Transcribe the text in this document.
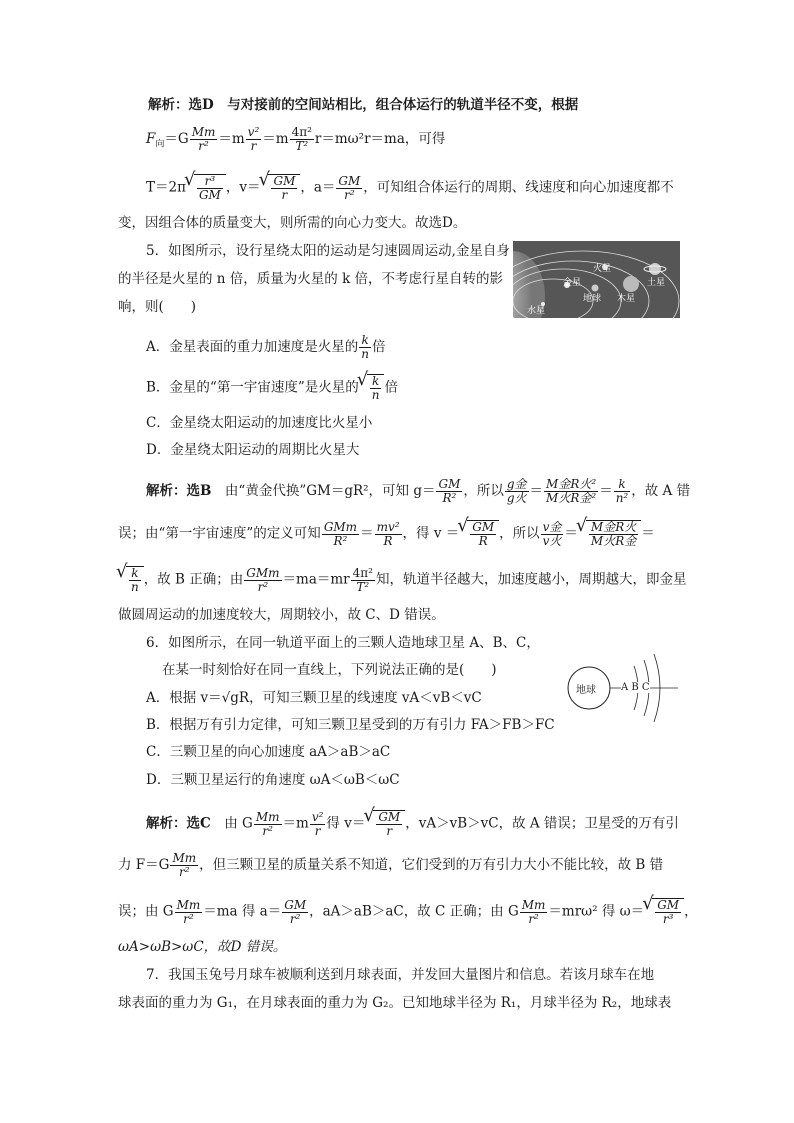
解析：选D　与对接前的空间站相比，组合体运行的轨道半径不变，根据
$F_向=G \frac{Mm}{\text{r²}} =m \frac{\text{v²}}{r} =m \frac{\text{4π²}}{\text{T²}} r=m\omega^2r=ma$，可得
T＝2π √ $\frac{\text{r³}}{GM}$ ，v＝ √ $\frac{GM}{r}$ ，$a= \frac{GM}{\text{r²}}$ ，可知组合体运行的周期、线速度和向心加速度都不
变，因组合体的质量变大，则所需的向心力变大。故选D。
5．如图所示，设行星绕太阳的运动是匀速圆周运动,金星自身
的半径是火星的 n 倍，质量为火星的 k 倍，不考虑行星自转的影
响，则(　　)
A．金星表面的重力加速度是火星的 $\frac{k}{n}$ 倍
B．金星的“第一宇宙速度”是火星的 √ $\frac{k}{n}$ 倍
C．金星绕太阳运动的加速度比火星小
D．金星绕太阳运动的周期比火星大
火星
土星
金星
地球 木星
水星
解析：选B　由“黄金代换”GM＝gR²，可知 $g= \frac{GM}{\text{R²}}$ ，所以 $\frac{\text{g金}}{\text{g火}} = \frac{\text{M金R火²}}{\text{M火R金²}} = \frac{k}{\text{n²}}$ ，故 A 错
误；由“第一宇宙速度”的定义可知 $\frac{\text{GMm}}{\text{R²}} = \frac{\text{mv²}}{R}$ ，得 v ＝ √ $\frac{GM}{R}$ ，所以 $\frac{\text{v金}}{\text{v火}}$ ＝ √ $\frac{\text{M金R火}}{\text{M火R金}}$ ＝
√ $\frac{k}{n}$ ，故 B 正确；由 $\frac{\text{GMm}}{\text{r²}} =ma=mr \frac{\text{4π²}}{\text{T²}}$ 知，轨道半径越大，加速度越小，周期越大，即金星
做圆周运动的加速度较大，周期较小，故 C、D 错误。
6．如图所示，在同一轨道平面上的三颗人造地球卫星 A、B、C，
在某一时刻恰好在同一直线上，下列说法正确的是(　　)
A．根据 v＝√gR，可知三颗卫星的线速度 vA＜vB＜vC
B．根据万有引力定律，可知三颗卫星受到的万有引力 FA＞FB＞FC
C．三颗卫星的向心加速度 aA＞aB＞aC
D．三颗卫星运行的角速度 ωA＜ωB＜ωC
地球	A B C
解析：选C　由 G $\frac{Mm}{\text{r²}} =m \frac{\text{v²}}{r}$ 得 v＝ √ $\frac{GM}{r}$ ，vA＞vB＞vC，故 A 错误；卫星受的万有引
力 $F=G \frac{Mm}{\text{r²}}$ ，但三颗卫星的质量关系不知道，它们受到的万有引力大小不能比较，故 B 错
误；由 G $\frac{Mm}{\text{r²}} =ma$ 得 $a= \frac{GM}{\text{r²}}$ ，aA＞aB＞aC，故 C 正确；由 G $\frac{Mm}{\text{r²}} =mr\omega^2$ 得 ω＝ √ $\frac{GM}{\text{r³}}$ ，
ωA>ωB>ωC，故D 错误。
7．我国玉兔号月球车被顺利送到月球表面，并发回大量图片和信息。若该月球车在地
球表面的重力为 G₁，在月球表面的重力为 G₂。已知地球半径为 R₁，月球半径为 R₂，地球表
